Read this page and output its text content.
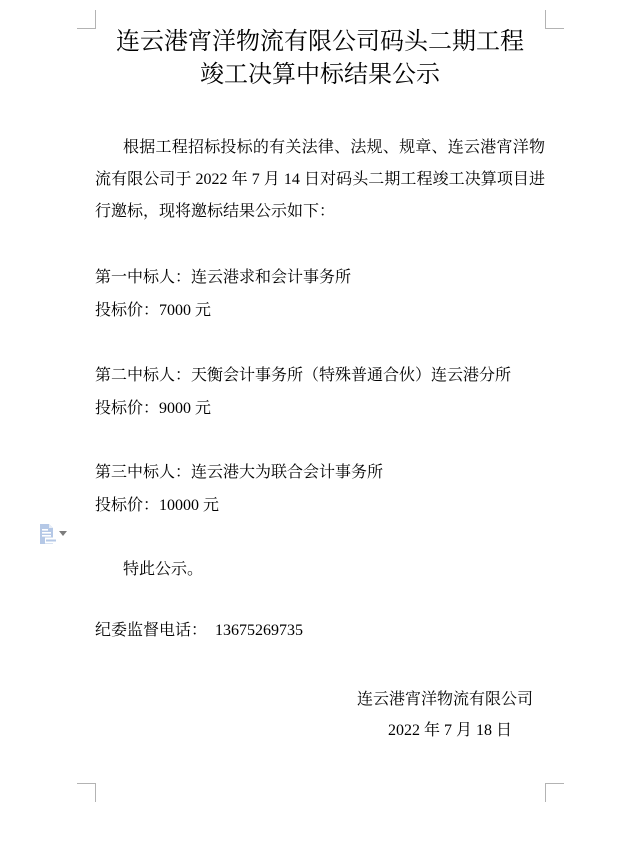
连云港宵洋物流有限公司码头二期工程
竣工决算中标结果公示
根据工程招标投标的有关法律、法规、规章、连云港宵洋物流有限公司于 2022 年 7 月 14 日对码头二期工程竣工决算项目进行邀标，现将邀标结果公示如下：
第一中标人：连云港求和会计事务所
投标价：7000 元
第二中标人：天衡会计事务所（特殊普通合伙）连云港分所
投标价：9000 元
第三中标人：连云港大为联合会计事务所
投标价：10000 元
特此公示。
纪委监督电话：  13675269735
连云港宵洋物流有限公司
2022 年 7 月 18 日
